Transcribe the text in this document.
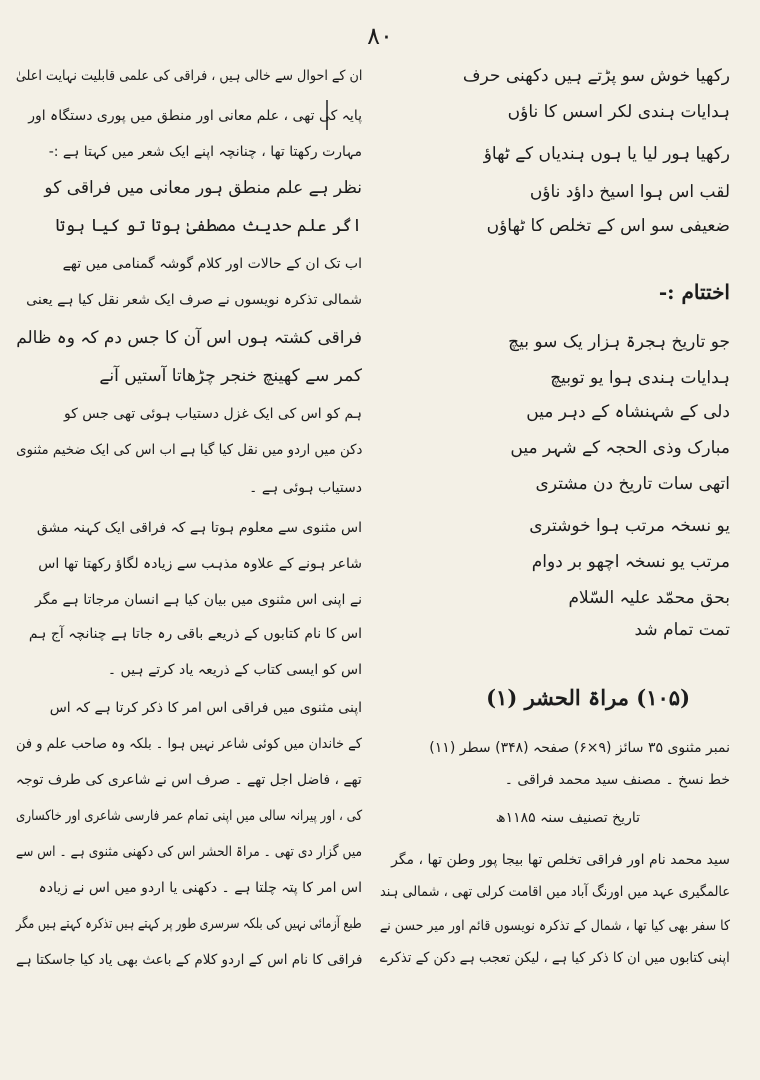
۸۰
رکھیا خوش سو پڑتے ہیں دکھنی حرف
ہدایات ہندی لکر اسس کا ناؤں
رکھیا ہور لیا یا ہوں ہندیاں کے ٹھاؤ
لقب اس ہوا اسیخ داؤد ناؤں
ضعیفی سو اس کے تخلص کا ٹھاؤں
اختتام :-
جو تاریخ ہجرۃ ہزار یک سو بیچ
ہدایات ہندی ہوا یو توبیچ
دلی کے شہنشاہ کے دہر میں
مبارک وذی الحجہ کے شہر میں
اتھی سات تاریخ دن مشتری
یو نسخہ مرتب ہوا خوشتری
مرتب یو نسخہ اچھو بر دوام
بحق محمّد علیہ السّلام
تمت تمام شد
(۱۰۵) مراۃ الحشر (۱)
نمبر مثنوی ۳۵ سائز (۹×۶) صفحہ (۳۴۸) سطر (۱۱)
خط نسخ ۔ مصنف سید محمد فراقی ۔
تاریخ تصنیف سنہ ۱۱۸۵ھ
سید محمد نام اور فراقی تخلص تھا بیجا پور وطن تھا ، مگر
عالمگیری عہد میں اورنگ آباد میں اقامت کرلی تھی ، شمالی ہند
کا سفر بھی کیا تھا ، شمال کے تذکرہ نویسوں قائم اور میر حسن نے
اپنی کتابوں میں ان کا ذکر کیا ہے ، لیکن تعجب ہے دکن کے تذکرے
ان کے احوال سے خالی ہیں ، فراقی کی علمی قابلیت نہایت اعلیٰ
پایہ کی تھی ، علم معانی اور منطق میں پوری دستگاہ اور
مہارت رکھتا تھا ، چنانچہ اپنے ایک شعر میں کہتا ہے :-
نظر ہے علم منطق ہور معانی میں فراقی کو
اگر علم حدیث مصطفیٰ ہوتا تو کیا ہوتا
اب تک ان کے حالات اور کلام گوشہ گمنامی میں تھے
شمالی تذکرہ نویسوں نے صرف ایک شعر نقل کیا ہے یعنی
فراقی کشتہ ہوں اس آن کا جس دم کہ وہ ظالم
کمر سے کھینچ خنجر چڑھاتا آستیں آنے
ہم کو اس کی ایک غزل دستیاب ہوئی تھی جس کو
دکن میں اردو میں نقل کیا گیا ہے اب اس کی ایک ضخیم مثنوی
دستیاب ہوئی ہے ۔
اس مثنوی سے معلوم ہوتا ہے کہ فراقی ایک کہنہ مشق
شاعر ہونے کے علاوہ مذہب سے زیادہ لگاؤ رکھتا تھا اس
نے اپنی اس مثنوی میں بیان کیا ہے انسان مرجاتا ہے مگر
اس کا نام کتابوں کے ذریعے باقی رہ جاتا ہے چنانچہ آج ہم
اس کو ایسی کتاب کے ذریعہ یاد کرتے ہیں ۔
اپنی مثنوی میں فراقی اس امر کا ذکر کرتا ہے کہ اس
کے خاندان میں کوئی شاعر نہیں ہوا ۔ بلکہ وہ صاحب علم و فن
تھے ، فاضل اجل تھے ۔ صرف اس نے شاعری کی طرف توجہ
کی ، اور پیرانہ سالی میں اپنی تمام عمر فارسی شاعری اور خاکساری
میں گزار دی تھی ۔ مراۃ الحشر اس کی دکھنی مثنوی ہے ۔ اس سے
اس امر کا پتہ چلتا ہے ۔ دکھنی یا اردو میں اس نے زیادہ
طبع آزمائی نہیں کی بلکہ سرسری طور پر کہتے ہیں تذکرہ کہتے ہیں مگر
فراقی کا نام اس کے اردو کلام کے باعث بھی یاد کیا جاسکتا ہے
